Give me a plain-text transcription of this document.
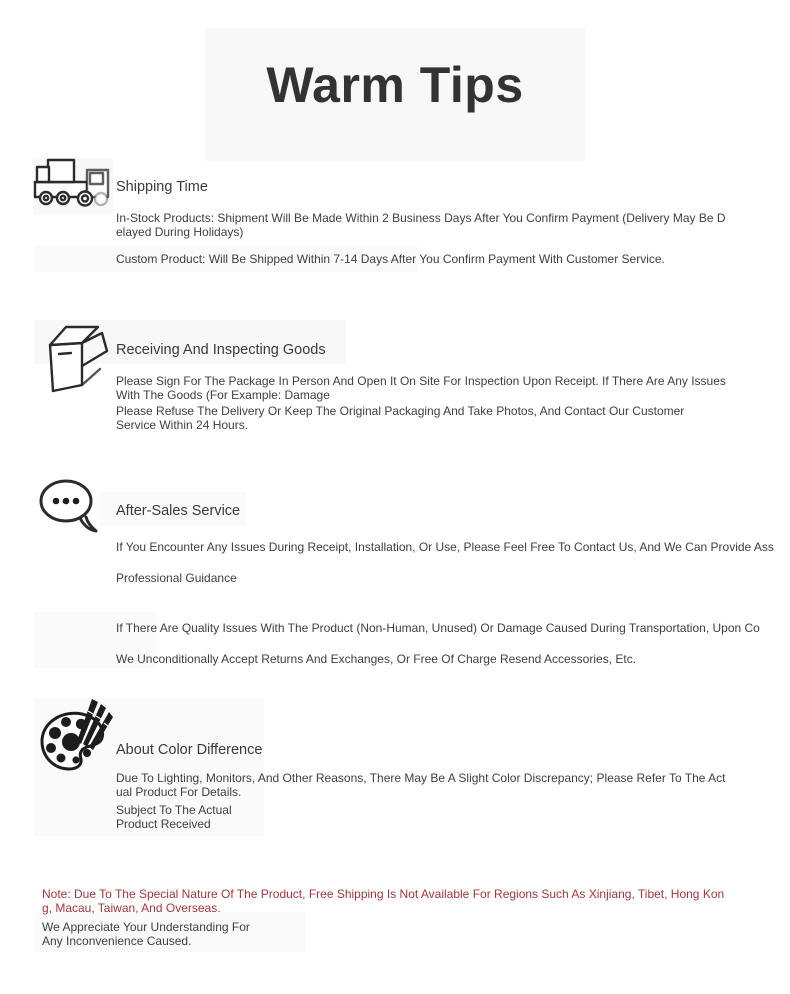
Warm Tips
Shipping Time
In-Stock Products: Shipment Will Be Made Within 2 Business Days After You Confirm Payment (Delivery May Be D
elayed During Holidays)
Custom Product: Will Be Shipped Within 7-14 Days After You Confirm Payment With Customer Service.
Receiving And Inspecting Goods
Please Sign For The Package In Person And Open It On Site For Inspection Upon Receipt. If There Are Any Issues
With The Goods (For Example: Damage
Please Refuse The Delivery Or Keep The Original Packaging And Take Photos, And Contact Our Customer
Service Within 24 Hours.
After-Sales Service
If You Encounter Any Issues During Receipt, Installation, Or Use, Please Feel Free To Contact Us, And We Can Provide Ass
Professional Guidance
If There Are Quality Issues With The Product (Non-Human, Unused) Or Damage Caused During Transportation, Upon Co
We Unconditionally Accept Returns And Exchanges, Or Free Of Charge Resend Accessories, Etc.
About Color Difference
Due To Lighting, Monitors, And Other Reasons, There May Be A Slight Color Discrepancy; Please Refer To The Act
ual Product For Details.
Subject To The Actual
Product Received
Note: Due To The Special Nature Of The Product, Free Shipping Is Not Available For Regions Such As Xinjiang, Tibet, Hong Kon
g, Macau, Taiwan, And Overseas.
We Appreciate Your Understanding For
Any Inconvenience Caused.
